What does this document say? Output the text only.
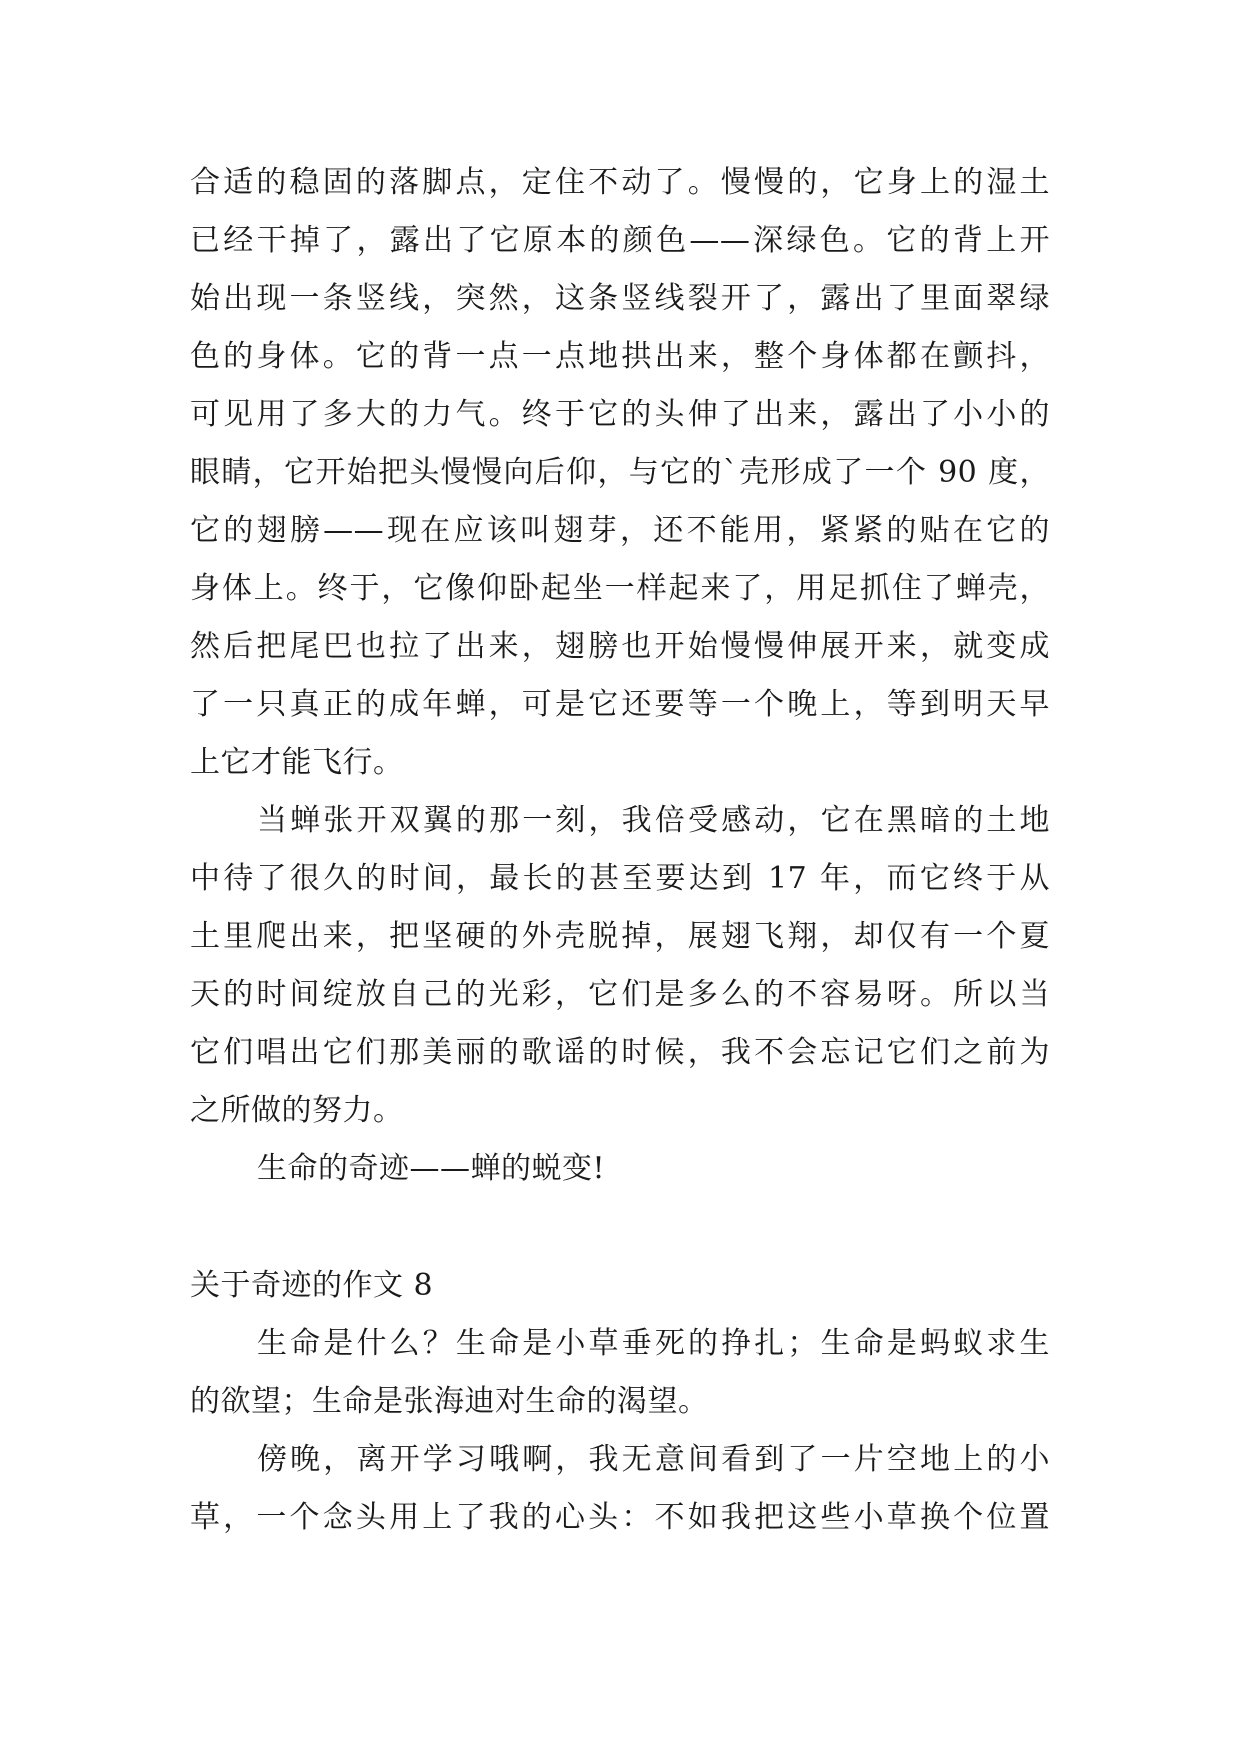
合适的稳固的落脚点，定住不动了。慢慢的，它身上的湿土
已经干掉了，露出了它原本的颜色——深绿色。它的背上开
始出现一条竖线，突然，这条竖线裂开了，露出了里面翠绿
色的身体。它的背一点一点地拱出来，整个身体都在颤抖，
可见用了多大的力气。终于它的头伸了出来，露出了小小的
眼睛，它开始把头慢慢向后仰，与它的`壳形成了一个 90 度，
它的翅膀——现在应该叫翅芽，还不能用，紧紧的贴在它的
身体上。终于，它像仰卧起坐一样起来了，用足抓住了蝉壳，
然后把尾巴也拉了出来，翅膀也开始慢慢伸展开来，就变成
了一只真正的成年蝉，可是它还要等一个晚上，等到明天早
上它才能飞行。
当蝉张开双翼的那一刻，我倍受感动，它在黑暗的土地
中待了很久的时间，最长的甚至要达到 17 年，而它终于从
土里爬出来，把坚硬的外壳脱掉，展翅飞翔，却仅有一个夏
天的时间绽放自己的光彩，它们是多么的不容易呀。所以当
它们唱出它们那美丽的歌谣的时候，我不会忘记它们之前为
之所做的努力。
生命的奇迹——蝉的蜕变!
关于奇迹的作文 8
生命是什么？生命是小草垂死的挣扎；生命是蚂蚁求生
的欲望；生命是张海迪对生命的渴望。
傍晚，离开学习哦啊，我无意间看到了一片空地上的小
草，一个念头用上了我的心头：不如我把这些小草换个位置
